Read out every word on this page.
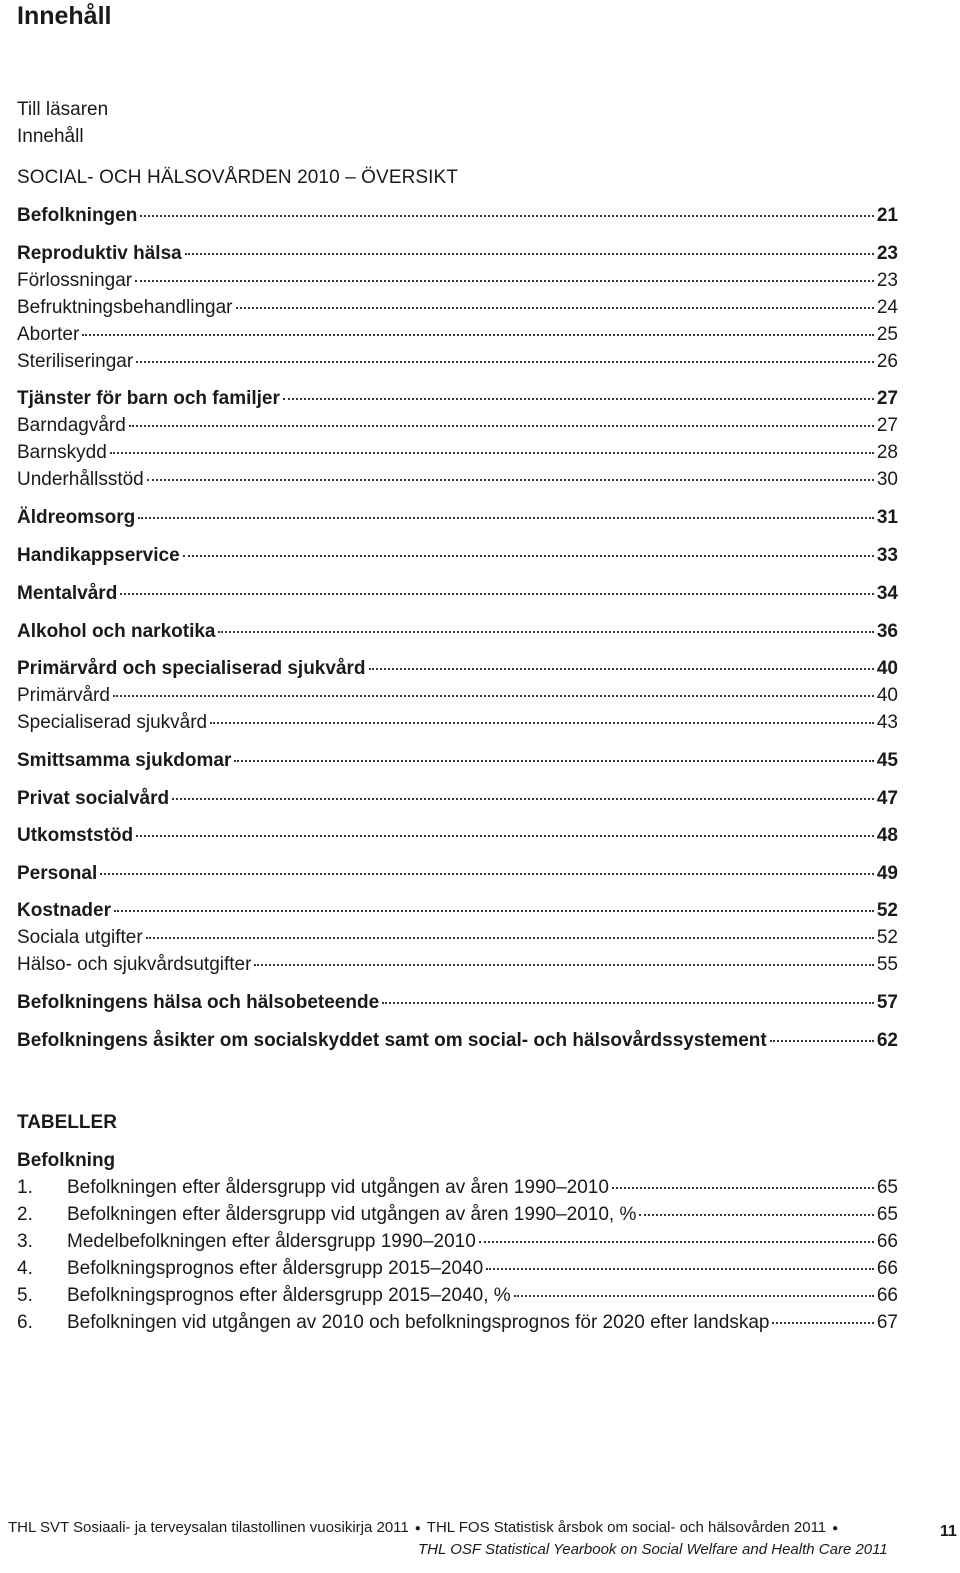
Innehåll
Till läsaren
Innehåll
SOCIAL- OCH HÄLSOVÅRDEN 2010 – ÖVERSIKT
Befolkningen	21
Reproduktiv hälsa	23
Förlossningar	23
Befruktningsbehandlingar	24
Aborter	25
Steriliseringar	26
Tjänster för barn och familjer	27
Barndagvård	27
Barnskydd	28
Underhållsstöd	30
Äldreomsorg	31
Handikappservice	33
Mentalvård	34
Alkohol och narkotika	36
Primärvård och specialiserad sjukvård	40
Primärvård	40
Specialiserad sjukvård	43
Smittsamma sjukdomar	45
Privat socialvård	47
Utkomststöd	48
Personal	49
Kostnader	52
Sociala utgifter	52
Hälso- och sjukvårdsutgifter	55
Befolkningens hälsa och hälsobeteende	57
Befolkningens åsikter om socialskyddet samt om social- och hälsovårdssystement	62
TABELLER
Befolkning
1. Befolkningen efter åldersgrupp vid utgången av åren 1990–2010	65
2. Befolkningen efter åldersgrupp vid utgången av åren 1990–2010, %	65
3. Medelbefolkningen efter åldersgrupp 1990–2010	66
4. Befolkningsprognos efter åldersgrupp 2015–2040	66
5. Befolkningsprognos efter åldersgrupp 2015–2040, %	66
6. Befolkningen vid utgången av 2010 och befolkningsprognos för 2020 efter landskap	67
THL SVT Sosiaali- ja terveysalan tilastollinen vuosikirja 2011 ● THL FOS Statistisk årsbok om social- och hälsovården 2011 ●
THL OSF Statistical Yearbook on Social Welfare and Health Care 2011
11
